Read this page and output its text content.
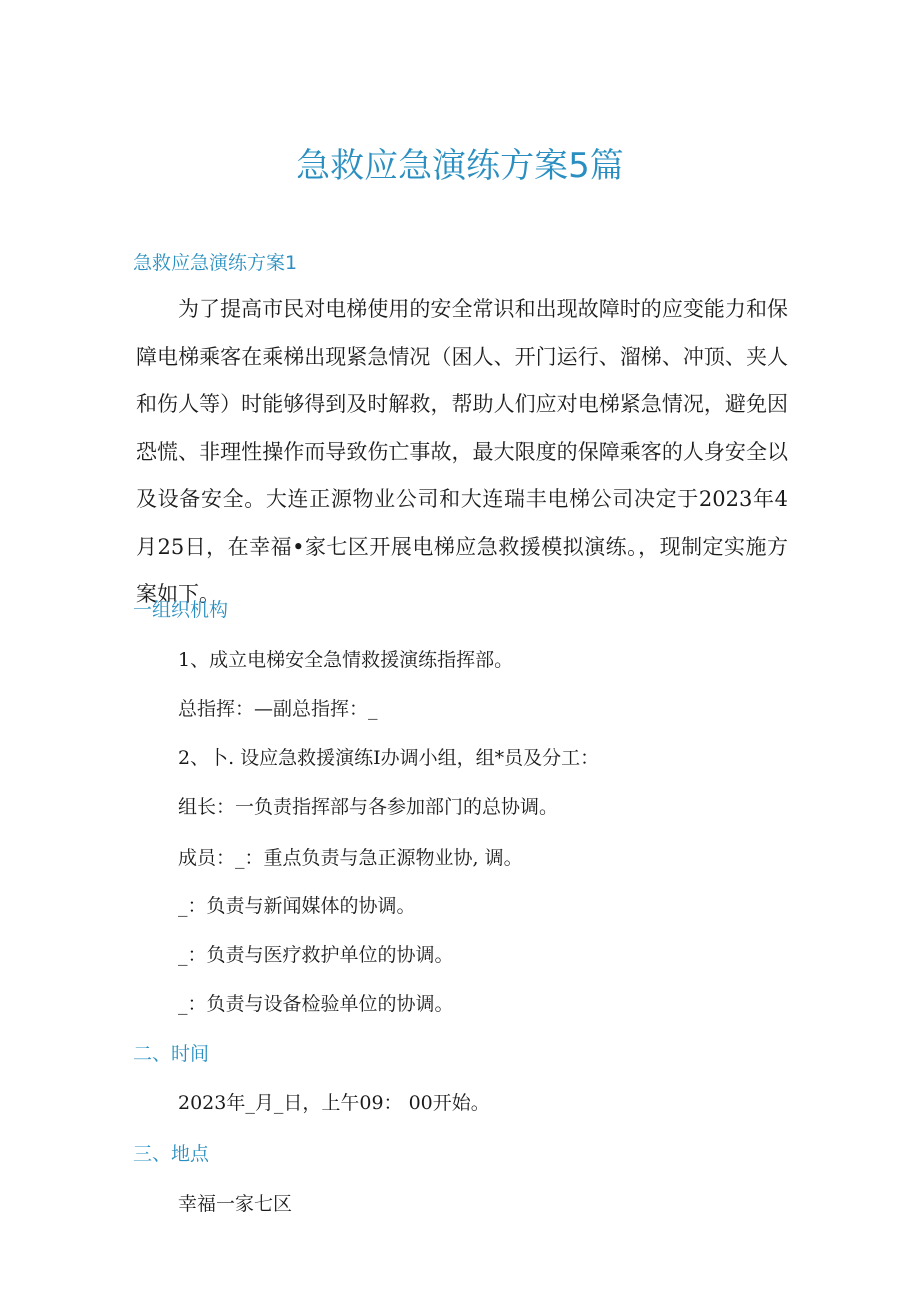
急救应急演练方案5篇
急救应急演练方案1

为了提高市民对电梯使用的安全常识和出现故障时的应变能力和保障电梯乘客在乘梯出现紧急情况（困人、开门运行、溜梯、冲顶、夹人和伤人等）时能够得到及时解救，帮助人们应对电梯紧急情况，避免因恐慌、非理性操作而导致伤亡事故，最大限度的保障乘客的人身安全以及设备安全。大连正源物业公司和大连瑞丰电梯公司决定于2023年4月25日，在幸福•家七区开展电梯应急救援模拟演练。，现制定实施方案如下。

一组织机构

1、成立电梯安全急情救援演练指挥部。

总指挥：—副总指挥：_

2、卜. 设应急救援演练I办调小组，组*员及分工：

组长：一负责指挥部与各参加部门的总协调。

成员：_：重点负责与急正源物业协, 调。

_：负责与新闻媒体的协调。

_：负责与医疗救护单位的协调。

_：负责与设备检验单位的协调。

二、时间

2023年_月_日，上午09： 00开始。

三、地点

幸福一家七区
